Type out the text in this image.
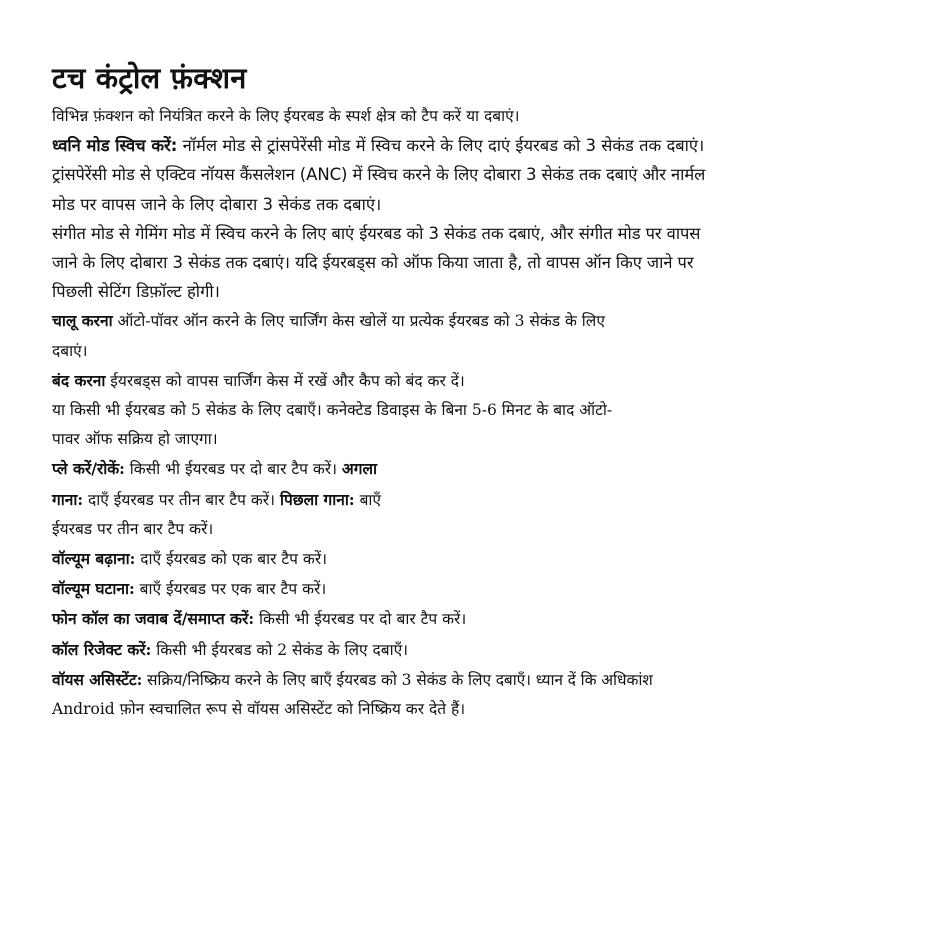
टच कंट्रोल फ़ंक्शन
विभिन्न फ़ंक्शन को नियंत्रित करने के लिए ईयरबड के स्पर्श क्षेत्र को टैप करें या दबाएं।
ध्वनि मोड स्विच करें: नॉर्मल मोड से ट्रांसपेरेंसी मोड में स्विच करने के लिए दाएं ईयरबड को 3 सेकंड तक दबाएं।
ट्रांसपेरेंसी मोड से एक्टिव नॉयस कैंसलेशन (ANC) में स्विच करने के लिए दोबारा 3 सेकंड तक दबाएं और नार्मल
मोड पर वापस जाने के लिए दोबारा 3 सेकंड तक दबाएं।
संगीत मोड से गेमिंग मोड में स्विच करने के लिए बाएं ईयरबड को 3 सेकंड तक दबाएं, और संगीत मोड पर वापस
जाने के लिए दोबारा 3 सेकंड तक दबाएं। यदि ईयरबड्स को ऑफ किया जाता है, तो वापस ऑन किए जाने पर
पिछली सेटिंग डिफ़ॉल्ट होगी।
चालू करना ऑटो-पॉवर ऑन करने के लिए चार्जिंग केस खोलें या प्रत्येक ईयरबड को 3 सेकंड के लिए
दबाएं।
बंद करना ईयरबड्स को वापस चार्जिंग केस में रखें और कैप को बंद कर दें।
या किसी भी ईयरबड को 5 सेकंड के लिए दबाएँ। कनेक्टेड डिवाइस के बिना 5-6 मिनट के बाद ऑटो-
पावर ऑफ सक्रिय हो जाएगा।
प्ले करें/रोकें: किसी भी ईयरबड पर दो बार टैप करें। अगला
गाना: दाएँ ईयरबड पर तीन बार टैप करें। पिछला गाना: बाएँ
ईयरबड पर तीन बार टैप करें।
वॉल्यूम बढ़ाना: दाएँ ईयरबड को एक बार टैप करें।
वॉल्यूम घटाना: बाएँ ईयरबड पर एक बार टैप करें।
फोन कॉल का जवाब दें/समाप्त करें: किसी भी ईयरबड पर दो बार टैप करें।
कॉल रिजेक्ट करें: किसी भी ईयरबड को 2 सेकंड के लिए दबाएँ।
वॉयस असिस्टेंट: सक्रिय/निष्क्रिय करने के लिए बाएँ ईयरबड को 3 सेकंड के लिए दबाएँ। ध्यान दें कि अधिकांश
Android फ़ोन स्वचालित रूप से वॉयस असिस्टेंट को निष्क्रिय कर देते हैं।
